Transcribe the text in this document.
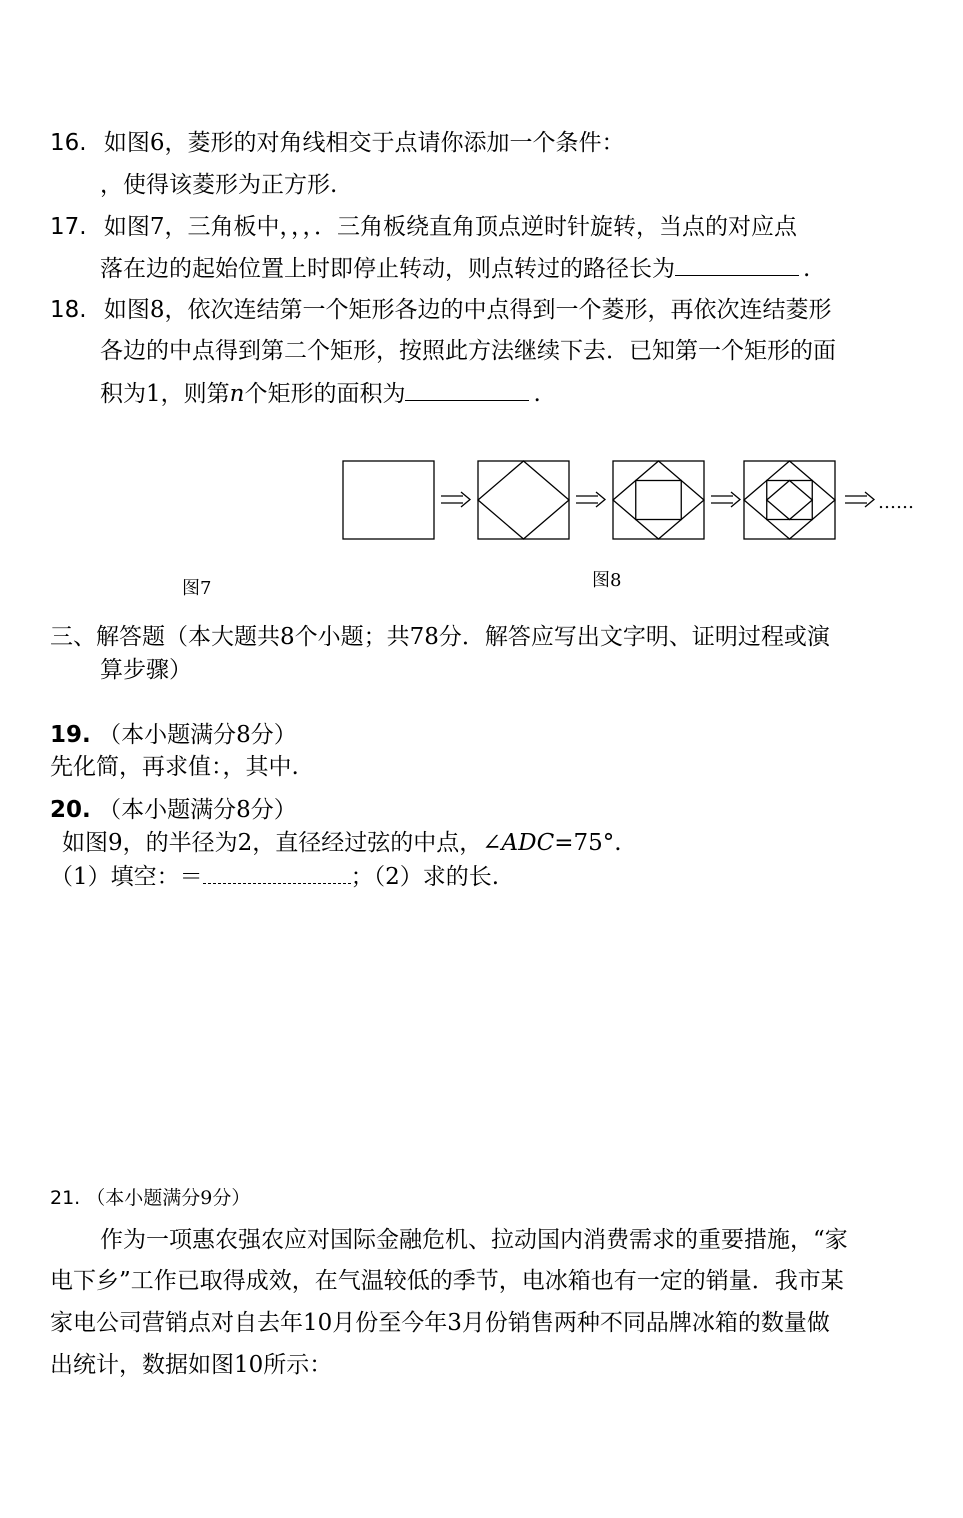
16. 如图6，菱形的对角线相交于点请你添加一个条件：
，使得该菱形为正方形.
17. 如图7，三角板中，，，．三角板绕直角顶点逆时针旋转，当点的对应点
落在边的起始位置上时即停止转动，则点转过的路径长为	.
18. 如图8，依次连结第一个矩形各边的中点得到一个菱形，再依次连结菱形
各边的中点得到第二个矩形，按照此方法继续下去．已知第一个矩形的面
积为1，则第n个矩形的面积为	.
……
图7	图8
三、解答题（本大题共8个小题；共78分．解答应写出文字明、证明过程或演
算步骤）
19. （本小题满分8分）
先化简，再求值：，其中.
20. （本小题满分8分）
如图9，的半径为2，直径经过弦的中点，∠ADC=75°.
（1）填空：＝	；（2）求的长.
21. （本小题满分9分）
作为一项惠农强农应对国际金融危机、拉动国内消费需求的重要措施，“家
电下乡”工作已取得成效，在气温较低的季节，电冰箱也有一定的销量．我市某
家电公司营销点对自去年10月份至今年3月份销售两种不同品牌冰箱的数量做
出统计，数据如图10所示：
